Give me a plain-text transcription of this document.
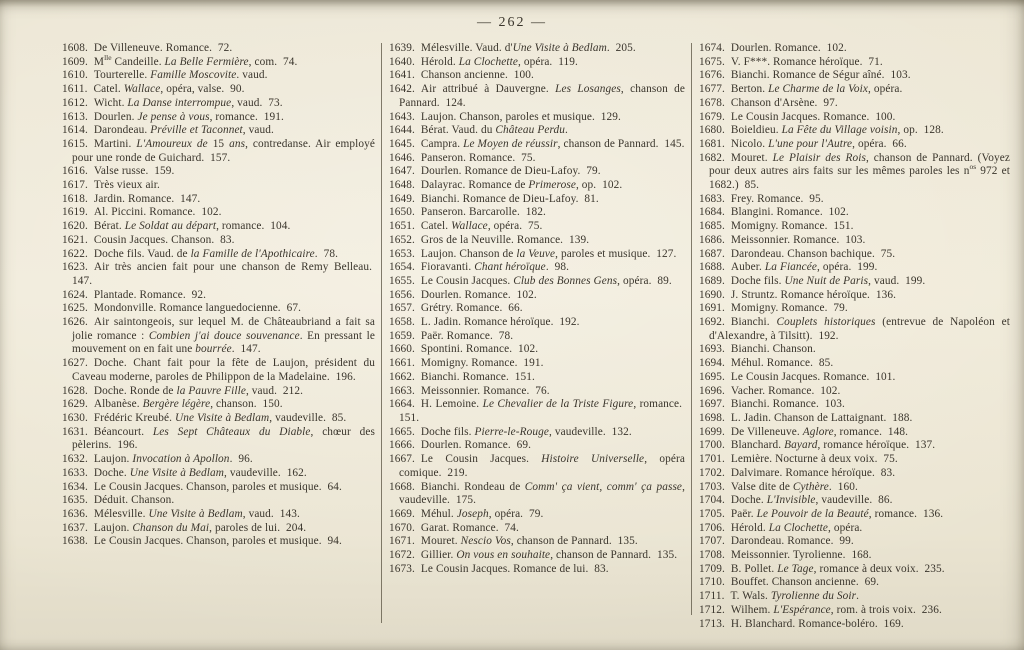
— 262 —
1608. De Villeneuve. Romance.  72.
1609. $M^{lle}$ Candeille. La Belle Fermière, com.  74.
1610. Tourterelle. Famille Moscovite. vaud.
1611. Catel. Wallace, opéra, valse.  90.
1612. Wicht. La Danse interrompue, vaud.  73.
1613. Dourlen. Je pense à vous, romance.  191.
1614. Darondeau. Préville et Taconnet, vaud.
1615. Martini. L'Amoureux de 15 ans, contredanse. Air employé pour une ronde de Guichard.  157.
1616. Valse russe.  159.
1617. Très vieux air.
1618. Jardin. Romance.  147.
1619. Al. Piccini. Romance.  102.
1620. Bérat. Le Soldat au départ, romance.  104.
1621. Cousin Jacques. Chanson.  83.
1622. Doche fils. Vaud. de la Famille de l'Apothicaire.  78.
1623. Air très ancien fait pour une chanson de Remy Belleau.  147.
1624. Plantade. Romance.  92.
1625. Mondonville. Romance languedocienne.  67.
1626. Air saintongeois, sur lequel M. de Châteaubriand a fait sa jolie romance : Combien j'ai douce souvenance. En pressant le mouvement on en fait une bourrée.  147.
1627. Doche. Chant fait pour la fête de Laujon, président du Caveau moderne, paroles de Philippon de la Madelaine.  196.
1628. Doche. Ronde de la Pauvre Fille, vaud.  212.
1629. Albanèse. Bergère légère, chanson.  150.
1630. Frédéric Kreubé. Une Visite à Bedlam, vaudeville.  85.
1631. Béancourt. Les Sept Châteaux du Diable, chœur des pèlerins.  196.
1632. Laujon. Invocation à Apollon.  96.
1633. Doche. Une Visite à Bedlam, vaudeville.  162.
1634. Le Cousin Jacques. Chanson, paroles et musique.  64.
1635. Déduit. Chanson.
1636. Mélesville. Une Visite à Bedlam, vaud.  143.
1637. Laujon. Chanson du Mai, paroles de lui.  204.
1638. Le Cousin Jacques. Chanson, paroles et musique.  94.
1639. Mélesville. Vaud. d'Une Visite à Bedlam.  205.
1640. Hérold. La Clochette, opéra.  119.
1641. Chanson ancienne.  100.
1642. Air attribué à Dauvergne. Les Losanges, chanson de Pannard.  124.
1643. Laujon. Chanson, paroles et musique.  129.
1644. Bérat. Vaud. du Château Perdu.
1645. Campra. Le Moyen de réussir, chanson de Pannard.  145.
1646. Panseron. Romance.  75.
1647. Dourlen. Romance de Dieu-Lafoy.  79.
1648. Dalayrac. Romance de Primerose, op.  102.
1649. Bianchi. Romance de Dieu-Lafoy.  81.
1650. Panseron. Barcarolle.  182.
1651. Catel. Wallace, opéra.  75.
1652. Gros de la Neuville. Romance.  139.
1653. Laujon. Chanson de la Veuve, paroles et musique.  127.
1654. Fioravanti. Chant héroïque.  98.
1655. Le Cousin Jacques. Club des Bonnes Gens, opéra.  89.
1656. Dourlen. Romance.  102.
1657. Grétry. Romance.  66.
1658. L. Jadin. Romance héroïque.  192.
1659. Paër. Romance.  78.
1660. Spontini. Romance.  102.
1661. Momigny. Romance.  191.
1662. Bianchi. Romance.  151.
1663. Meissonnier. Romance.  76.
1664. H. Lemoine. Le Chevalier de la Triste Figure, romance.  151.
1665. Doche fils. Pierre-le-Rouge, vaudeville.  132.
1666. Dourlen. Romance.  69.
1667. Le Cousin Jacques. Histoire Universelle, opéra comique.  219.
1668. Bianchi. Rondeau de Comm' ça vient, comm' ça passe, vaudeville.  175.
1669. Méhul. Joseph, opéra.  79.
1670. Garat. Romance.  74.
1671. Mouret. Nescio Vos, chanson de Pannard.  135.
1672. Gillier. On vous en souhaite, chanson de Pannard.  135.
1673. Le Cousin Jacques. Romance de lui.  83.
1674. Dourlen. Romance.  102.
1675. V. F***. Romance héroïque.  71.
1676. Bianchi. Romance de Ségur aîné.  103.
1677. Berton. Le Charme de la Voix, opéra.
1678. Chanson d'Arsène.  97.
1679. Le Cousin Jacques. Romance.  100.
1680. Boieldieu. La Fête du Village voisin, op.  128.
1681. Nicolo. L'une pour l'Autre, opéra.  66.
1682. Mouret. Le Plaisir des Rois, chanson de Pannard. (Voyez pour deux autres airs faits sur les mêmes paroles les $n^{os}$ 972 et 1682.)  85.
1683. Frey. Romance.  95.
1684. Blangini. Romance.  102.
1685. Momigny. Romance.  151.
1686. Meissonnier. Romance.  103.
1687. Darondeau. Chanson bachique.  75.
1688. Auber. La Fiancée, opéra.  199.
1689. Doche fils. Une Nuit de Paris, vaud.  199.
1690. J. Struntz. Romance héroïque.  136.
1691. Momigny. Romance.  79.
1692. Bianchi. Couplets historiques (entrevue de Napoléon et d'Alexandre, à Tilsitt).  192.
1693. Bianchi. Chanson.
1694. Méhul. Romance.  85.
1695. Le Cousin Jacques. Romance.  101.
1696. Vacher. Romance.  102.
1697. Bianchi. Romance.  103.
1698. L. Jadin. Chanson de Lattaignant.  188.
1699. De Villeneuve. Aglore, romance.  148.
1700. Blanchard. Bayard, romance héroïque.  137.
1701. Lemière. Nocturne à deux voix.  75.
1702. Dalvimare. Romance héroïque.  83.
1703. Valse dite de Cythère.  160.
1704. Doche. L'Invisible, vaudeville.  86.
1705. Paër. Le Pouvoir de la Beauté, romance.  136.
1706. Hérold. La Clochette, opéra.
1707. Darondeau. Romance.  99.
1708. Meissonnier. Tyrolienne.  168.
1709. B. Pollet. Le Tage, romance à deux voix.  235.
1710. Bouffet. Chanson ancienne.  69.
1711. T. Wals. Tyrolienne du Soir.
1712. Wilhem. L'Espérance, rom. à trois voix.  236.
1713. H. Blanchard. Romance-boléro.  169.
